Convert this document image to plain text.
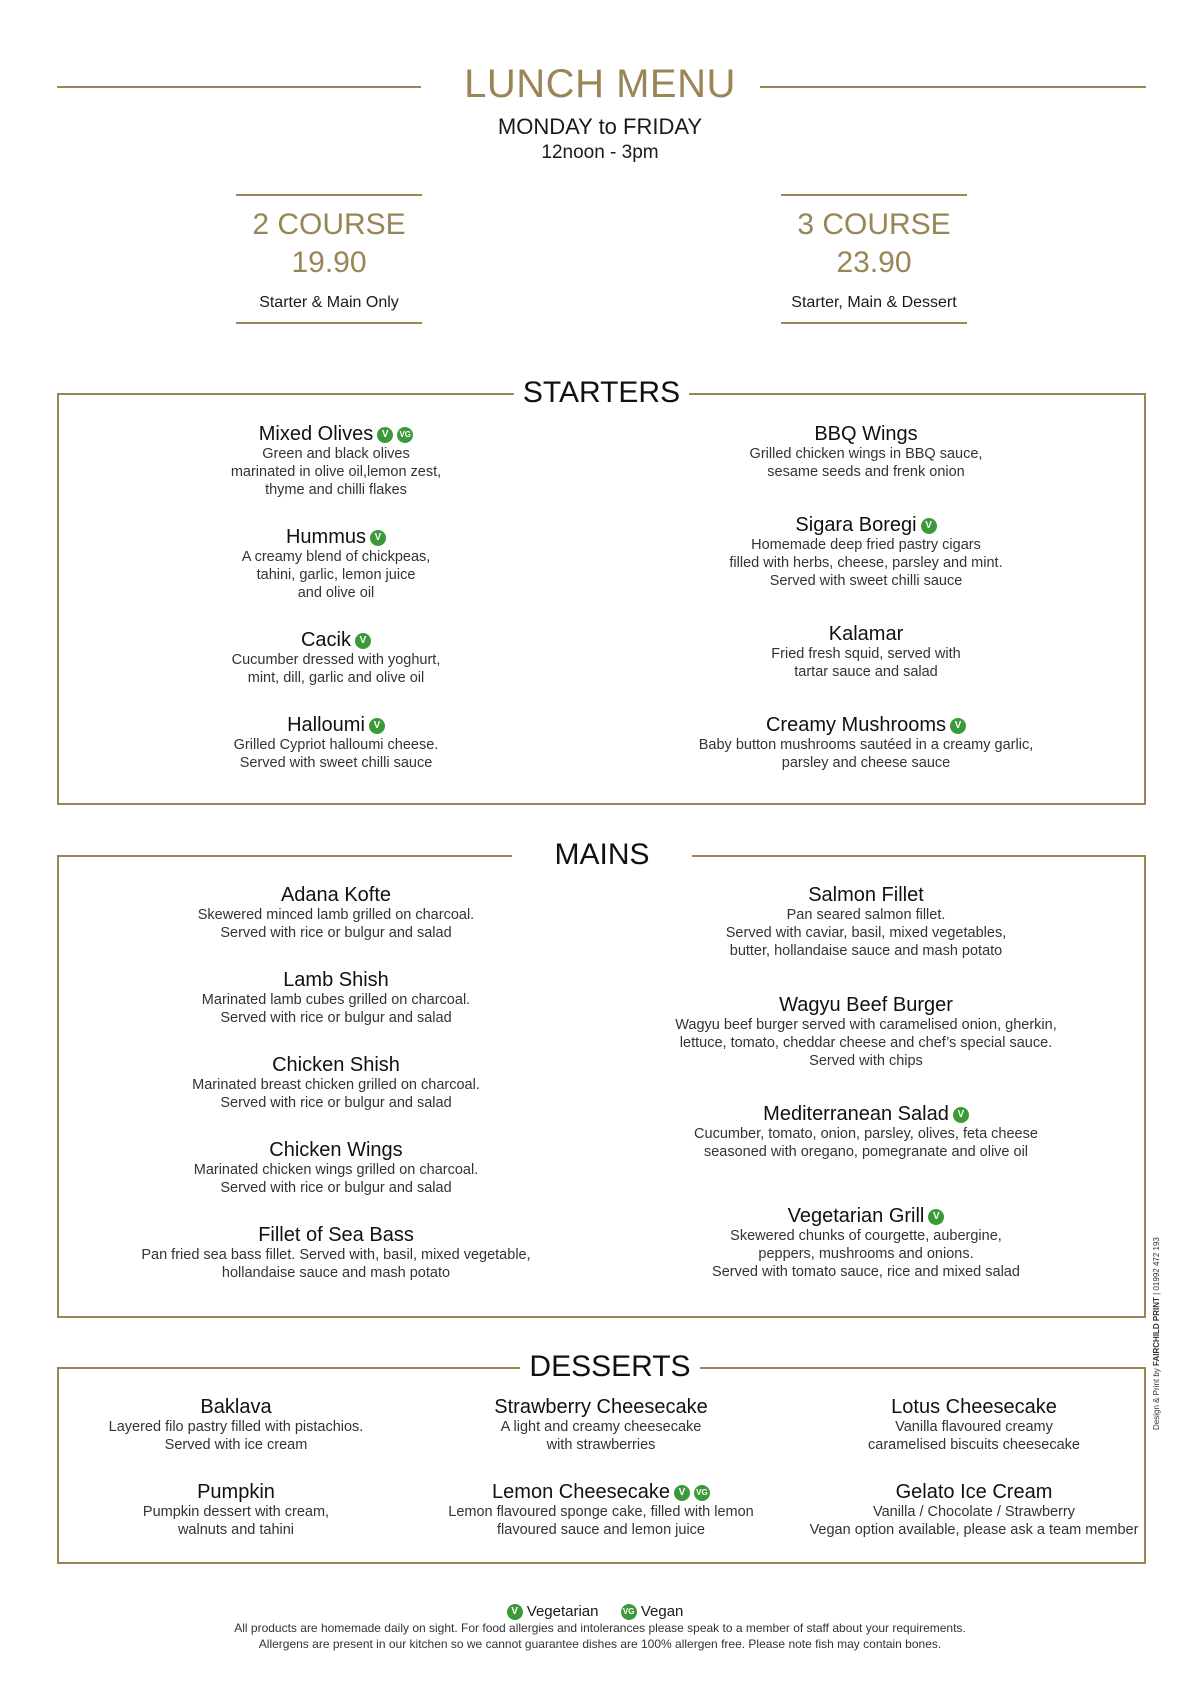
LUNCH MENU
MONDAY to FRIDAY
12noon - 3pm
2 COURSE
19.90
Starter & Main Only
3 COURSE
23.90
Starter, Main & Dessert
STARTERS
MAINS
DESSERTS
Mixed Olives V VG
Green and black olives
marinated in olive oil,lemon zest,
thyme and chilli flakes
Hummus V
A creamy blend of chickpeas,
tahini, garlic, lemon juice
and olive oil
Cacik V
Cucumber dressed with yoghurt,
mint, dill, garlic and olive oil
Halloumi V
Grilled Cypriot halloumi cheese.
Served with sweet chilli sauce
BBQ Wings
Grilled chicken wings in BBQ sauce,
sesame seeds and frenk onion
Sigara Boregi V
Homemade deep fried pastry cigars
filled with herbs, cheese, parsley and mint.
Served with sweet chilli sauce
Kalamar
Fried fresh squid, served with
tartar sauce and salad
Creamy Mushrooms V
Baby button mushrooms sautéed in a creamy garlic,
parsley and cheese sauce
Adana Kofte
Skewered minced lamb grilled on charcoal.
Served with rice or bulgur and salad
Lamb Shish
Marinated lamb cubes grilled on charcoal.
Served with rice or bulgur and salad
Chicken Shish
Marinated breast chicken grilled on charcoal.
Served with rice or bulgur and salad
Chicken Wings
Marinated chicken wings grilled on charcoal.
Served with rice or bulgur and salad
Fillet of Sea Bass
Pan fried sea bass fillet. Served with, basil, mixed vegetable,
hollandaise sauce and mash potato
Salmon Fillet
Pan seared salmon fillet.
Served with caviar, basil, mixed vegetables,
butter, hollandaise sauce and mash potato
Wagyu Beef Burger
Wagyu beef burger served with caramelised onion, gherkin,
lettuce, tomato, cheddar cheese and chef’s special sauce.
Served with chips
Mediterranean Salad V
Cucumber, tomato, onion, parsley, olives, feta cheese
seasoned with oregano, pomegranate and olive oil
Vegetarian Grill V
Skewered chunks of courgette, aubergine,
peppers, mushrooms and onions.
Served with tomato sauce, rice and mixed salad
Baklava
Layered filo pastry filled with pistachios.
Served with ice cream
Pumpkin
Pumpkin dessert with cream,
walnuts and tahini
Strawberry Cheesecake
A light and creamy cheesecake
with strawberries
Lemon Cheesecake V VG
Lemon flavoured sponge cake, filled with lemon
flavoured sauce and lemon juice
Lotus Cheesecake
Vanilla flavoured creamy
caramelised biscuits cheesecake
Gelato Ice Cream
Vanilla / Chocolate / Strawberry
Vegan option available, please ask a team member
V Vegetarian	VG Vegan
All products are homemade daily on sight. For food allergies and intolerances please speak to a member of staff about your requirements.
Allergens are present in our kitchen so we cannot guarantee dishes are 100% allergen free. Please note fish may contain bones.
Design & Print by FAIRCHILD PRINT | 01992 472 193
